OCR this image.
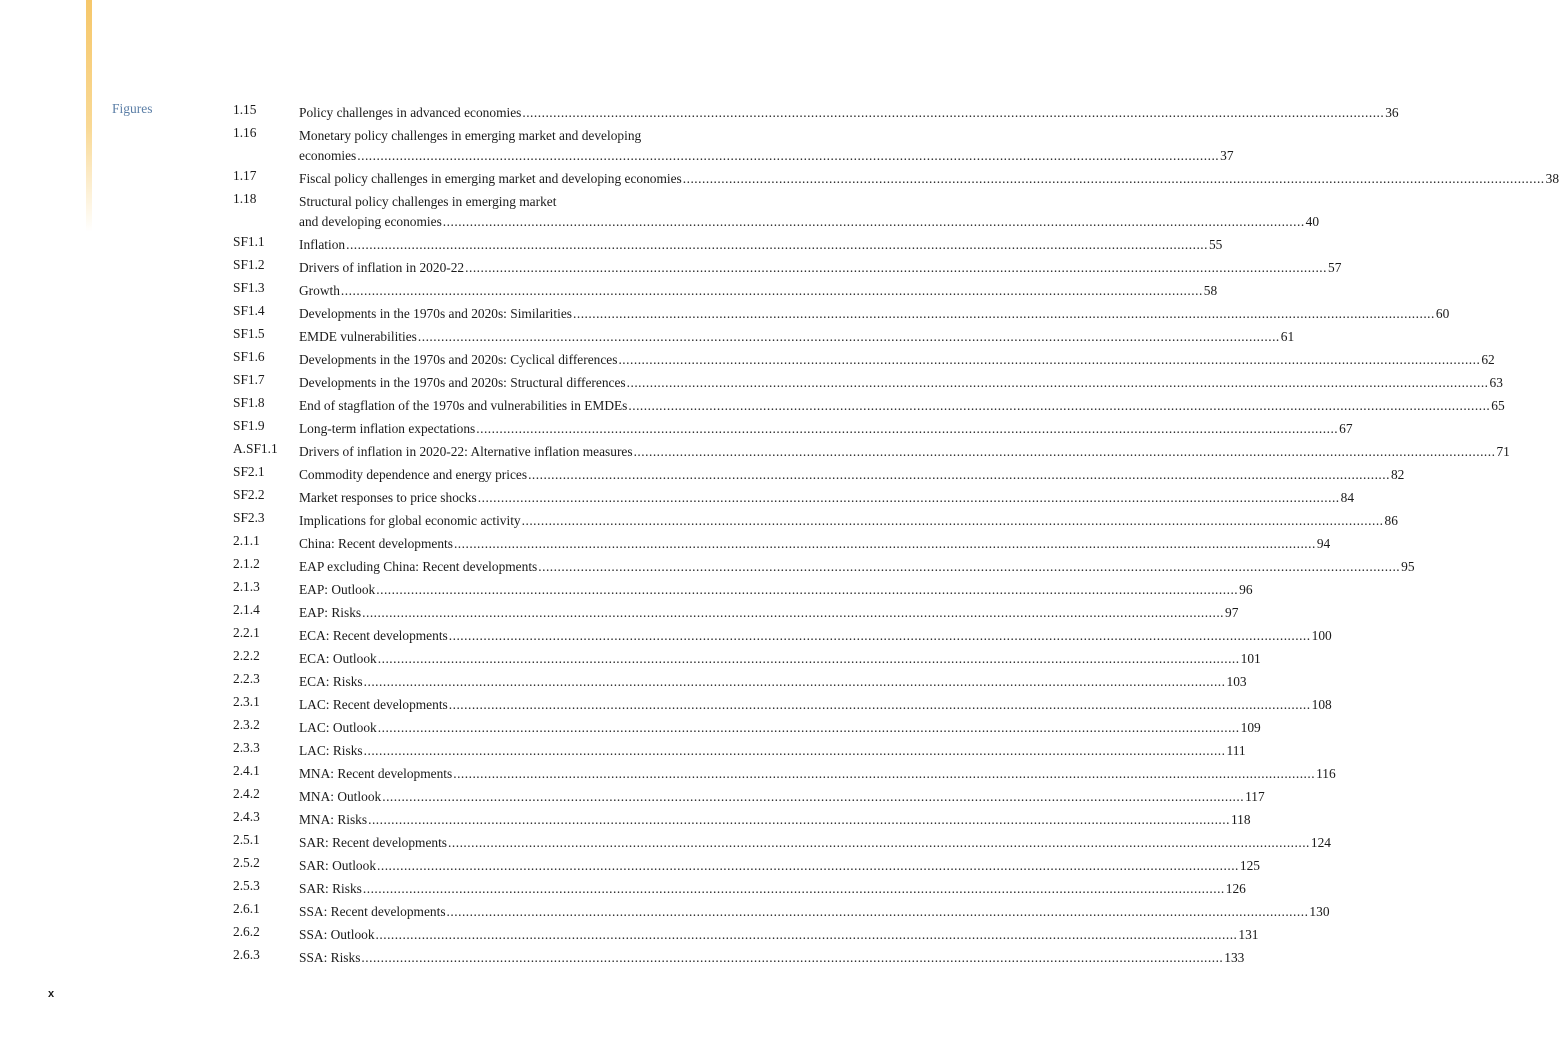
Figures	1.15	Policy challenges in advanced economies .....	36
1.16	Monetary policy challenges in emerging market and developing
economies .....	37
1.17	Fiscal policy challenges in emerging market and developing economies .....	38
1.18	Structural policy challenges in emerging market
and developing economies .....	40
SF1.1	Inflation .....	55
SF1.2	Drivers of inflation in 2020-22 .....	57
SF1.3	Growth .....	58
SF1.4	Developments in the 1970s and 2020s: Similarities .....	60
SF1.5	EMDE vulnerabilities .....	61
SF1.6	Developments in the 1970s and 2020s: Cyclical differences .....	62
SF1.7	Developments in the 1970s and 2020s: Structural differences .....	63
SF1.8	End of stagflation of the 1970s and vulnerabilities in EMDEs .....	65
SF1.9	Long-term inflation expectations .....	67
A.SF1.1	Drivers of inflation in 2020-22: Alternative inflation measures .....	71
SF2.1	Commodity dependence and energy prices .....	82
SF2.2	Market responses to price shocks .....	84
SF2.3	Implications for global economic activity .....	86
2.1.1	China: Recent developments .....	94
2.1.2	EAP excluding China: Recent developments .....	95
2.1.3	EAP: Outlook .....	96
2.1.4	EAP: Risks .....	97
2.2.1	ECA: Recent developments .....	100
2.2.2	ECA: Outlook .....	101
2.2.3	ECA: Risks .....	103
2.3.1	LAC: Recent developments .....	108
2.3.2	LAC: Outlook .....	109
2.3.3	LAC: Risks .....	111
2.4.1	MNA: Recent developments .....	116
2.4.2	MNA: Outlook .....	117
2.4.3	MNA: Risks .....	118
2.5.1	SAR: Recent developments .....	124
2.5.2	SAR: Outlook .....	125
2.5.3	SAR: Risks .....	126
2.6.1	SSA: Recent developments .....	130
2.6.2	SSA: Outlook .....	131
2.6.3	SSA: Risks .....	133
x
